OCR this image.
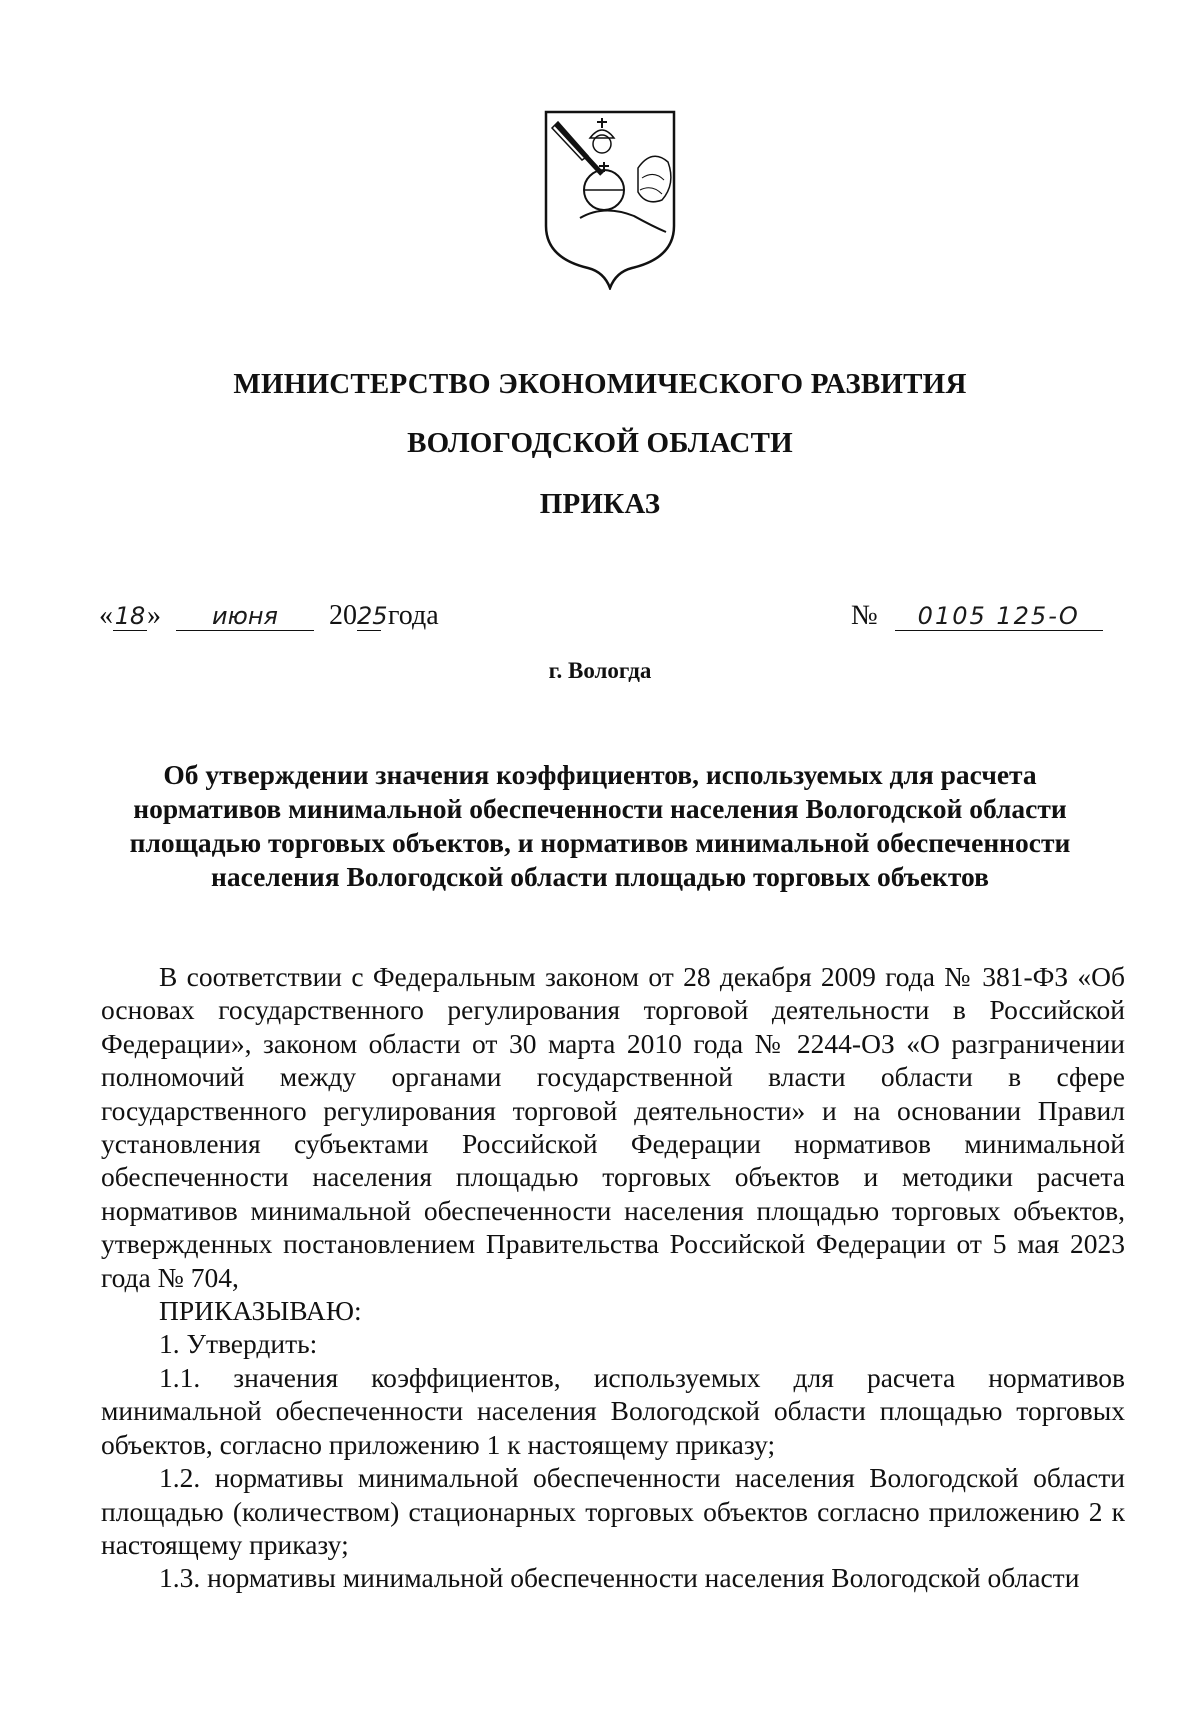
МИНИСТЕРСТВО ЭКОНОМИЧЕСКОГО РАЗВИТИЯ
ВОЛОГОДСКОЙ ОБЛАСТИ
ПРИКАЗ
«18» июня 2025 года	№ 0105 125-О
г. Вологда
Об утверждении значения коэффициентов, используемых для расчета нормативов минимальной обеспеченности населения Вологодской области площадью торговых объектов, и нормативов минимальной обеспеченности населения Вологодской области площадью торговых объектов

В соответствии с Федеральным законом от 28 декабря 2009 года № 381-ФЗ «Об основах государственного регулирования торговой деятельности в Российской Федерации», законом области от 30 марта 2010 года № 2244-ОЗ «О разграничении полномочий между органами государственной власти области в сфере государственного регулирования торговой деятельности» и на основании Правил установления субъектами Российской Федерации нормативов минимальной обеспеченности населения площадью торговых объектов и методики расчета нормативов минимальной обеспеченности населения площадью торговых объектов, утвержденных постановлением Правительства Российской Федерации от 5 мая 2023 года № 704,

ПРИКАЗЫВАЮ:

1. Утвердить:

1.1. значения коэффициентов, используемых для расчета нормативов минимальной обеспеченности населения Вологодской области площадью торговых объектов, согласно приложению 1 к настоящему приказу;

1.2. нормативы минимальной обеспеченности населения Вологодской области площадью (количеством) стационарных торговых объектов согласно приложению 2 к настоящему приказу;

1.3. нормативы минимальной обеспеченности населения Вологодской области
